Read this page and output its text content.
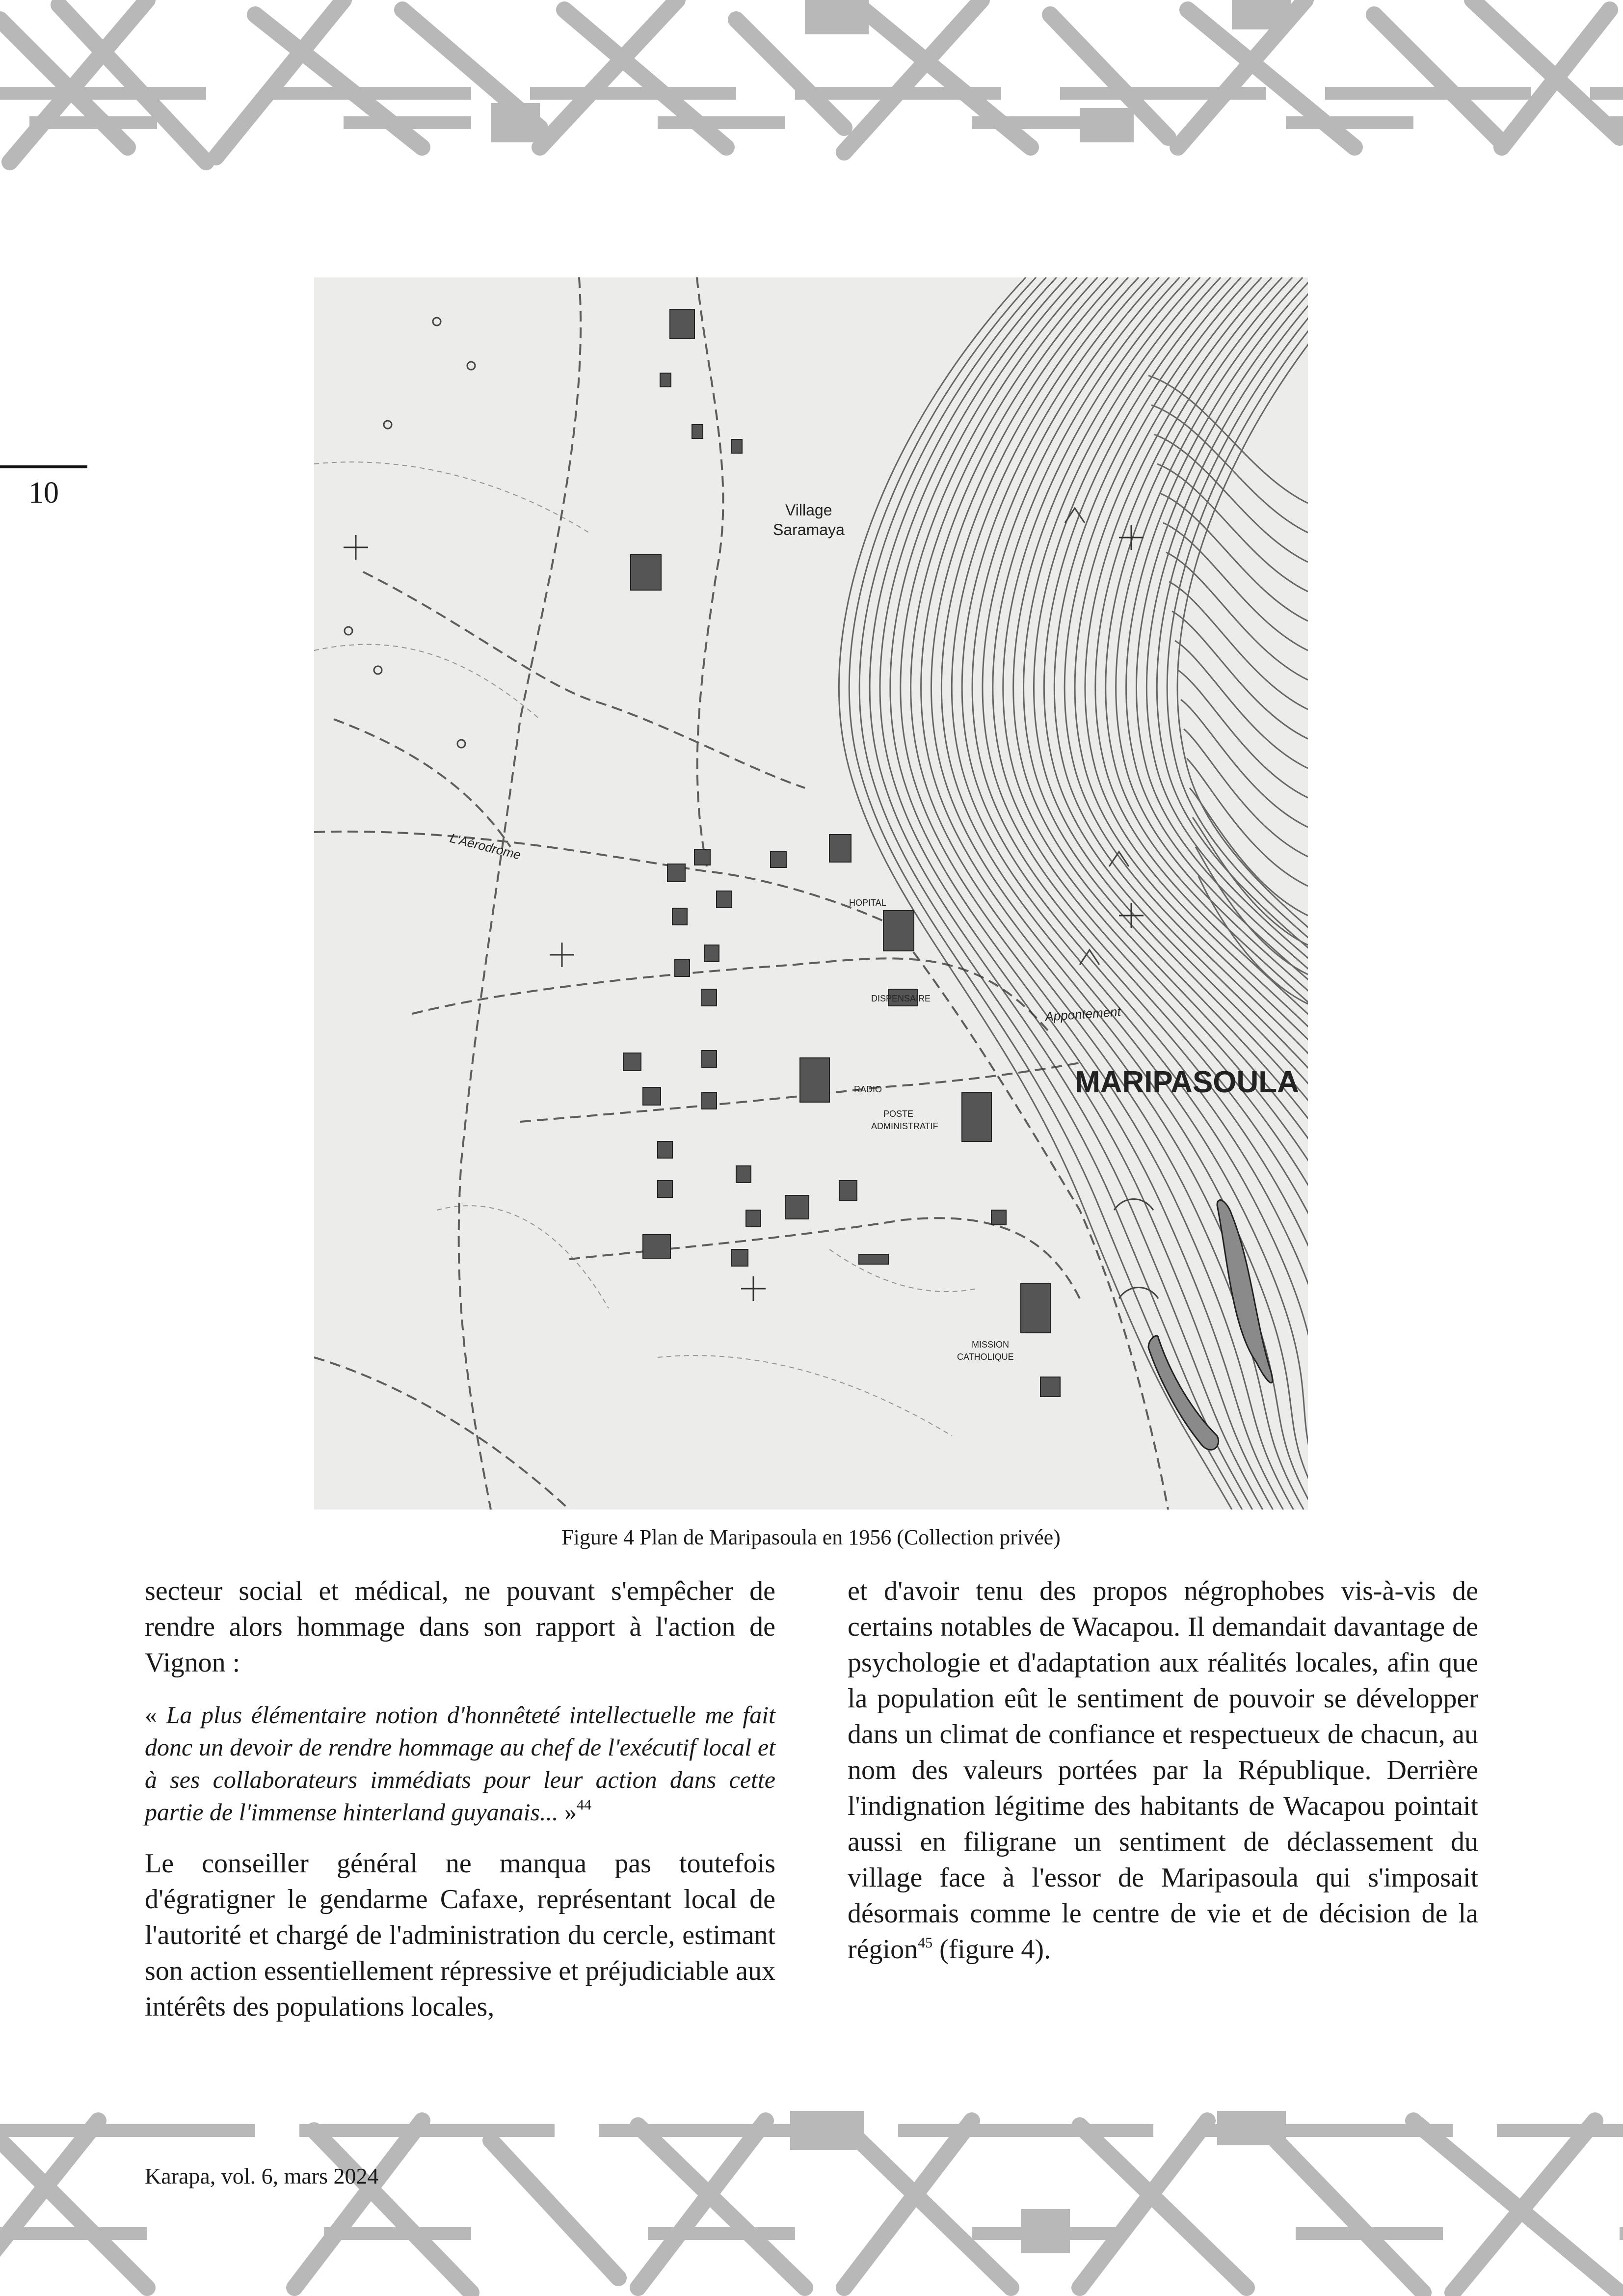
10
Village
Saramaya
L'Aérodrome
HOPITAL
DISPENSAIRE
RADIO
POSTE
ADMINISTRATIF
MISSION
CATHOLIQUE
Appontement
MARIPASOULA
Figure 4 Plan de Maripasoula en 1956 (Collection privée)

secteur social et médical, ne pouvant s'empêcher de rendre alors hommage dans son rapport à l'action de Vignon :

« La plus élémentaire notion d'honnêteté intellectuelle me fait donc un devoir de rendre hommage au chef de l'exécutif local et à ses collaborateurs immédiats pour leur action dans cette partie de l'immense hinterland guyanais... »$^{44}$

Le conseiller général ne manqua pas toutefois d'égratigner le gendarme Cafaxe, représentant local de l'autorité et chargé de l'administration du cercle, estimant son action essentiellement répressive et préjudiciable aux intérêts des populations locales,

et d'avoir tenu des propos négrophobes vis-à-vis de certains notables de Wacapou. Il demandait davantage de psychologie et d'adaptation aux réalités locales, afin que la population eût le sentiment de pouvoir se développer dans un climat de confiance et respectueux de chacun, au nom des valeurs portées par la République. Derrière l'indignation légitime des habitants de Wacapou pointait aussi en filigrane un sentiment de déclassement du village face à l'essor de Maripasoula qui s'imposait désormais comme le centre de vie et de décision de la région$^{45}$ (figure 4).

Karapa, vol. 6, mars 2024
